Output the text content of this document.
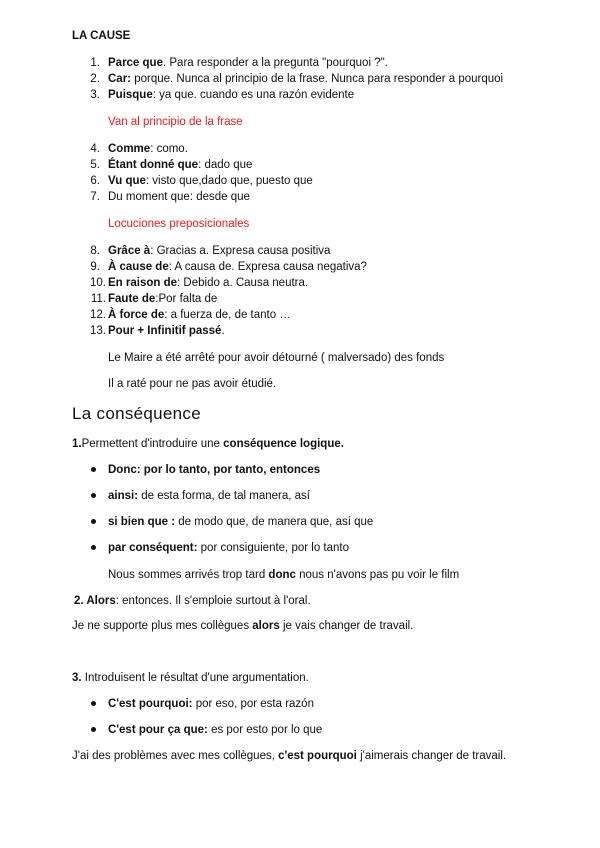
LA CAUSE
1. Parce que. Para responder a la pregunta "pourquoi ?".
2. Car: porque. Nunca al principio de la frase. Nunca para responder a pourquoi
3. Puisque: ya que. cuando es una razón evidente
Van al principio de la frase
4. Comme: como.
5. Étant donné que: dado que
6. Vu que: visto que,dado que, puesto que
7. Du moment que: desde que
Locuciones preposicionales
8. Grâce à: Gracias a. Expresa causa positiva
9. À cause de: A causa de. Expresa causa negativa?
10. En raison de: Debido a. Causa neutra.
11. Faute de:Por falta de
12. À force de: a fuerza de, de tanto …
13. Pour + Infinitif passé.
Le Maire a été arrêté pour avoir détourné ( malversado) des fonds
Il a raté pour ne pas avoir étudié.
La conséquence
1.Permettent d'introduire une conséquence logique.
Donc: por lo tanto, por tanto, entonces
ainsi: de esta forma, de tal manera, así
si bien que : de modo que, de manera que, así que
par conséquent: por consiguiente, por lo tanto
Nous sommes arrivés trop tard donc nous n'avons pas pu voir le film
2. Alors: entonces. Il s'emploie surtout à l'oral.
Je ne supporte plus mes collègues alors je vais changer de travail.
3. Introduisent le résultat d'une argumentation.
C'est pourquoi: por eso, por esta razón
C'est pour ça que: es por esto por lo que
J'ai des problèmes avec mes collègues, c'est pourquoi j'aimerais changer de travail.
